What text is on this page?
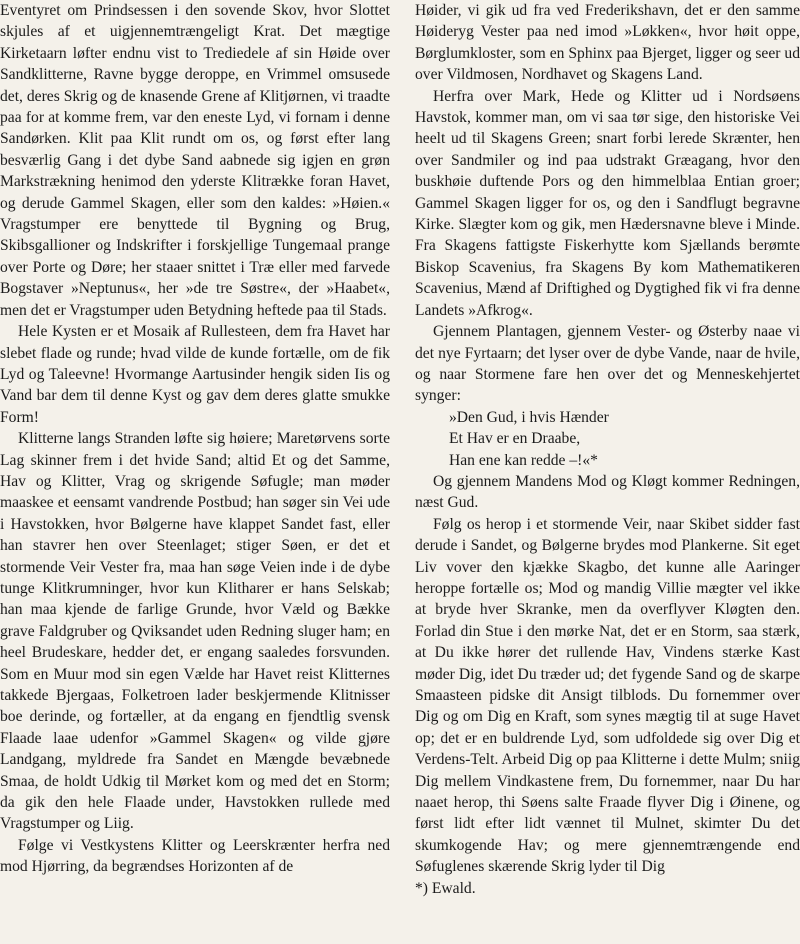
Eventyret om Prindsessen i den sovende Skov, hvor Slottet skjules af et uigjennemtrængeligt Krat. Det mægtige Kirketaarn løfter endnu vist to Trediedele af sin Høide over Sandklitterne, Ravne bygge deroppe, en Vrimmel omsusede det, deres Skrig og de knasende Grene af Klitjørnen, vi traadte paa for at komme frem, var den eneste Lyd, vi fornam i denne Sandørken. Klit paa Klit rundt om os, og først efter lang besværlig Gang i det dybe Sand aabnede sig igjen en grøn Markstrækning henimod den yderste Klitrække foran Havet, og derude Gammel Skagen, eller som den kaldes: »Høien.« Vragstumper ere benyttede til Bygning og Brug, Skibsgallioner og Indskrifter i forskjellige Tungemaal prange over Porte og Døre; her staaer snittet i Træ eller med farvede Bogstaver »Neptunus«, her »de tre Søstre«, der »Haabet«, men det er Vragstumper uden Betydning heftede paa til Stads.

Hele Kysten er et Mosaik af Rullesteen, dem fra Havet har slebet flade og runde; hvad vilde de kunde fortælle, om de fik Lyd og Taleevne! Hvormange Aartusinder hengik siden Iis og Vand bar dem til denne Kyst og gav dem deres glatte smukke Form!

Klitterne langs Stranden løfte sig høiere; Maretørvens sorte Lag skinner frem i det hvide Sand; altid Et og det Samme, Hav og Klitter, Vrag og skrigende Søfugle; man møder maaskee et eensamt vandrende Postbud; han søger sin Vei ude i Havstokken, hvor Bølgerne have klappet Sandet fast, eller han stavrer hen over Steenlaget; stiger Søen, er det et stormende Veir Vester fra, maa han søge Veien inde i de dybe tunge Klitkrumninger, hvor kun Klitharer er hans Selskab; han maa kjende de farlige Grunde, hvor Væld og Bække grave Faldgruber og Qviksandet uden Redning sluger ham; en heel Brudeskare, hedder det, er engang saaledes forsvunden. Som en Muur mod sin egen Vælde har Havet reist Klitternes takkede Bjergaas, Folketroen lader beskjermende Klitnisser boe derinde, og fortæller, at da engang en fjendtlig svensk Flaade laae udenfor »Gammel Skagen« og vilde gjøre Landgang, myldrede fra Sandet en Mængde bevæbnede Smaa, de holdt Udkig til Mørket kom og med det en Storm; da gik den hele Flaade under, Havstokken rullede med Vragstumper og Liig.

Følge vi Vestkystens Klitter og Leerskrænter herfra ned mod Hjørring, da begrændses Horizonten af de

Høider, vi gik ud fra ved Frederikshavn, det er den samme Høideryg Vester paa ned imod »Løkken«, hvor høit oppe, Børglumkloster, som en Sphinx paa Bjerget, ligger og seer ud over Vildmosen, Nordhavet og Skagens Land.

Herfra over Mark, Hede og Klitter ud i Nordsøens Havstok, kommer man, om vi saa tør sige, den historiske Vei heelt ud til Skagens Green; snart forbi lerede Skrænter, hen over Sandmiler og ind paa udstrakt Græagang, hvor den buskhøie duftende Pors og den himmelblaa Entian groer; Gammel Skagen ligger for os, og den i Sandflugt begravne Kirke. Slægter kom og gik, men Hædersnavne bleve i Minde. Fra Skagens fattigste Fiskerhytte kom Sjællands berømte Biskop Scavenius, fra Skagens By kom Mathematikeren Scavenius, Mænd af Driftighed og Dygtighed fik vi fra denne Landets »Afkrog«.

Gjennem Plantagen, gjennem Vester- og Østerby naae vi det nye Fyrtaarn; det lyser over de dybe Vande, naar de hvile, og naar Stormene fare hen over det og Menneskehjertet synger:

»Den Gud, i hvis Hænder
Et Hav er en Draabe,
Han ene kan redde –!«*

Og gjennem Mandens Mod og Kløgt kommer Redningen, næst Gud.

Følg os herop i et stormende Veir, naar Skibet sidder fast derude i Sandet, og Bølgerne brydes mod Plankerne. Sit eget Liv vover den kjække Skagbo, det kunne alle Aaringer heroppe fortælle os; Mod og mandig Villie mægter vel ikke at bryde hver Skranke, men da overflyver Kløgten den. Forlad din Stue i den mørke Nat, det er en Storm, saa stærk, at Du ikke hører det rullende Hav, Vindens stærke Kast møder Dig, idet Du træder ud; det fygende Sand og de skarpe Smaasteen pidske dit Ansigt tilblods. Du fornemmer over Dig og om Dig en Kraft, som synes mægtig til at suge Havet op; det er en buldrende Lyd, som udfoldede sig over Dig et Verdens-Telt. Arbeid Dig op paa Klitterne i dette Mulm; sniig Dig mellem Vindkastene frem, Du fornemmer, naar Du har naaet herop, thi Søens salte Fraade flyver Dig i Øinene, og først lidt efter lidt vænnet til Mulnet, skimter Du det skumkogende Hav; og mere gjennemtrængende end Søfuglenes skærende Skrig lyder til Dig

*) Ewald.
